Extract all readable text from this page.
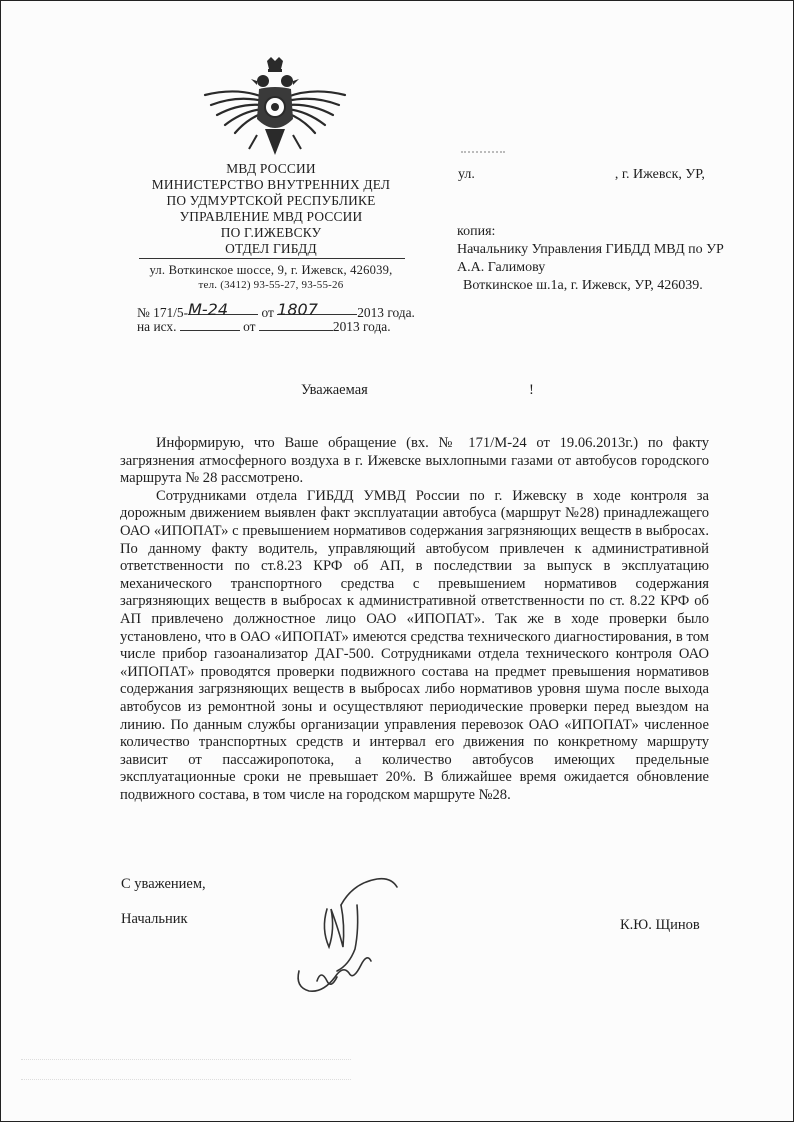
МВД РОССИИ
МИНИСТЕРСТВО ВНУТРЕННИХ ДЕЛ
ПО УДМУРТСКОЙ РЕСПУБЛИКЕ
УПРАВЛЕНИЕ МВД РОССИИ
ПО Г.ИЖЕВСКУ
ОТДЕЛ ГИБДД
ул. Воткинское шоссе, 9, г. Ижевск, 426039,
тел. (3412) 93-55-27, 93-55-26
№ 171/5-М-24 от 1807	2013 года.
на исх.	от	2013 года.
ул.	, г. Ижевск, УР,
копия:
Начальнику Управления ГИБДД МВД по УР
А.А. Галимову
Воткинское ш.1а, г. Ижевск, УР, 426039.
Уважаемая	!

Информирую, что Ваше обращение (вх. № 171/М-24 от 19.06.2013г.) по факту загрязнения атмосферного воздуха в г. Ижевске выхлопными газами от автобусов городского маршрута № 28 рассмотрено.

Сотрудниками отдела ГИБДД УМВД России по г. Ижевску в ходе контроля за дорожным движением выявлен факт эксплуатации автобуса (маршрут №28) принадлежащего ОАО «ИПОПАТ» с превышением нормативов содержания загрязняющих веществ в выбросах. По данному факту водитель, управляющий автобусом привлечен к административной ответственности по ст.8.23 КРФ об АП, в последствии за выпуск в эксплуатацию механического транспортного средства с превышением нормативов содержания загрязняющих веществ в выбросах к административной ответственности по ст. 8.22 КРФ об АП привлечено должностное лицо ОАО «ИПОПАТ». Так же в ходе проверки было установлено, что в ОАО «ИПОПАТ» имеются средства технического диагностирования, в том числе прибор газоанализатор ДАГ-500. Сотрудниками отдела технического контроля ОАО «ИПОПАТ» проводятся проверки подвижного состава на предмет превышения нормативов содержания загрязняющих веществ в выбросах либо нормативов уровня шума после выхода автобусов из ремонтной зоны и осуществляют периодические проверки перед выездом на линию. По данным службы организации управления перевозок ОАО «ИПОПАТ» численное количество транспортных средств и интервал его движения по конкретному маршруту зависит от пассажиропотока, а количество автобусов имеющих предельные эксплуатационные сроки не превышает 20%. В ближайшее время ожидается обновление подвижного состава, в том числе на городском маршруте №28.

С уважением,
Начальник	К.Ю. Щинов
